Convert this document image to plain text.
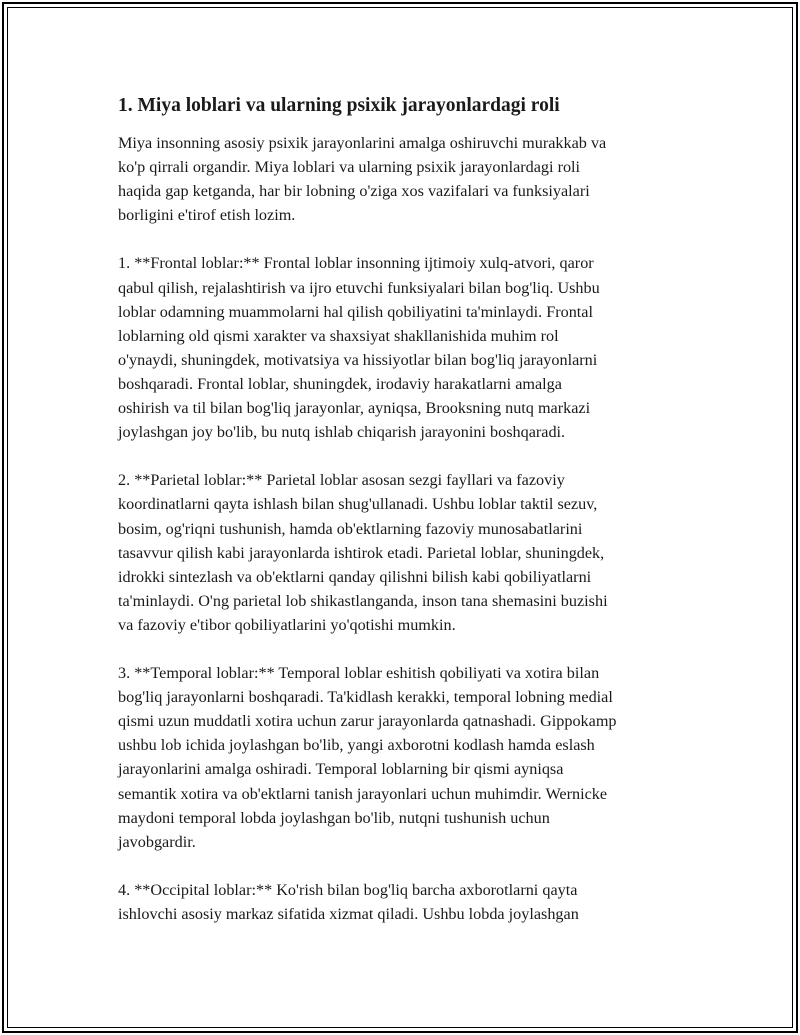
1. Miya loblari va ularning psixik jarayonlardagi roli

Miya insonning asosiy psixik jarayonlarini amalga oshiruvchi murakkab va
ko'p qirrali organdir. Miya loblari va ularning psixik jarayonlardagi roli
haqida gap ketganda, har bir lobning o'ziga xos vazifalari va funksiyalari
borligini e'tirof etish lozim.

1. **Frontal loblar:** Frontal loblar insonning ijtimoiy xulq-atvori, qaror
qabul qilish, rejalashtirish va ijro etuvchi funksiyalari bilan bog'liq. Ushbu
loblar odamning muammolarni hal qilish qobiliyatini ta'minlaydi. Frontal
loblarning old qismi xarakter va shaxsiyat shakllanishida muhim rol
o'ynaydi, shuningdek, motivatsiya va hissiyotlar bilan bog'liq jarayonlarni
boshqaradi. Frontal loblar, shuningdek, irodaviy harakatlarni amalga
oshirish va til bilan bog'liq jarayonlar, ayniqsa, Brooksning nutq markazi
joylashgan joy bo'lib, bu nutq ishlab chiqarish jarayonini boshqaradi.

2. **Parietal loblar:** Parietal loblar asosan sezgi fayllari va fazoviy
koordinatlarni qayta ishlash bilan shug'ullanadi. Ushbu loblar taktil sezuv,
bosim, og'riqni tushunish, hamda ob'ektlarning fazoviy munosabatlarini
tasavvur qilish kabi jarayonlarda ishtirok etadi. Parietal loblar, shuningdek,
idrokki sintezlash va ob'ektlarni qanday qilishni bilish kabi qobiliyatlarni
ta'minlaydi. O'ng parietal lob shikastlanganda, inson tana shemasini buzishi
va fazoviy e'tibor qobiliyatlarini yo'qotishi mumkin.

3. **Temporal loblar:** Temporal loblar eshitish qobiliyati va xotira bilan
bog'liq jarayonlarni boshqaradi. Ta'kidlash kerakki, temporal lobning medial
qismi uzun muddatli xotira uchun zarur jarayonlarda qatnashadi. Gippokamp
ushbu lob ichida joylashgan bo'lib, yangi axborotni kodlash hamda eslash
jarayonlarini amalga oshiradi. Temporal loblarning bir qismi ayniqsa
semantik xotira va ob'ektlarni tanish jarayonlari uchun muhimdir. Wernicke
maydoni temporal lobda joylashgan bo'lib, nutqni tushunish uchun
javobgardir.

4. **Occipital loblar:** Ko'rish bilan bog'liq barcha axborotlarni qayta
ishlovchi asosiy markaz sifatida xizmat qiladi. Ushbu lobda joylashgan
